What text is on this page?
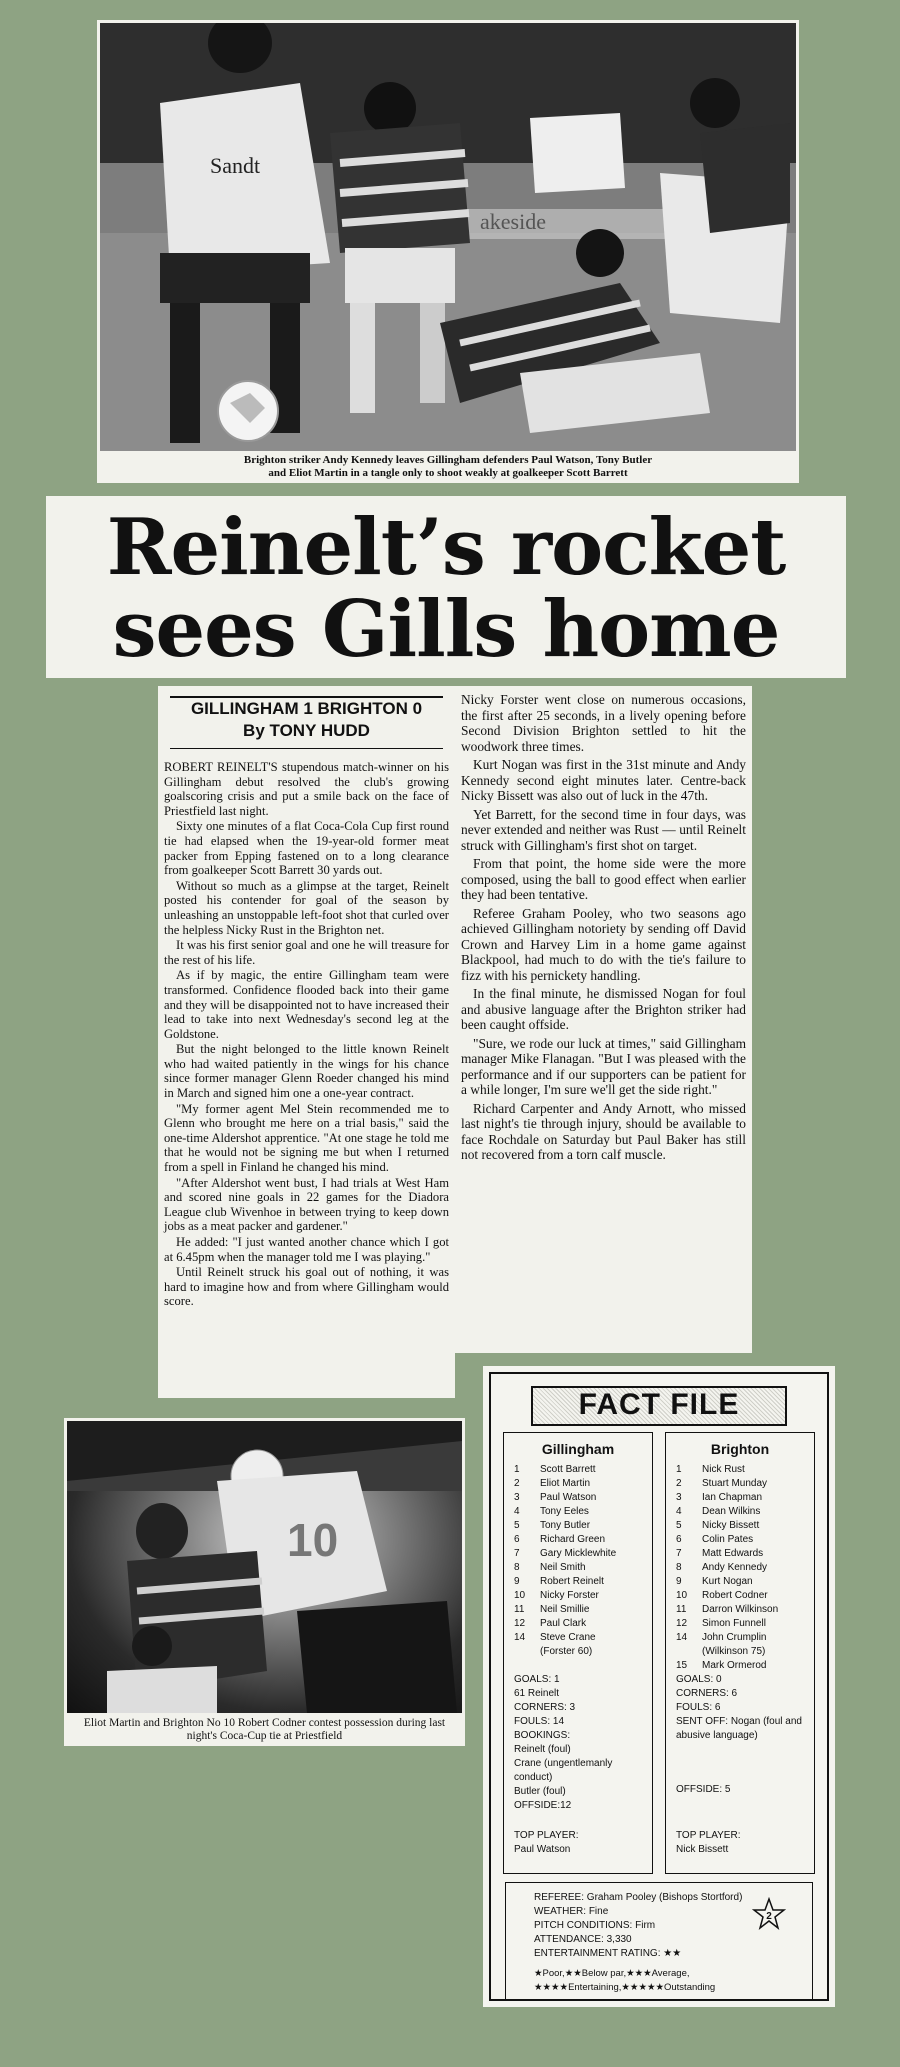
akeside
Sandt
Brighton striker Andy Kennedy leaves Gillingham defenders Paul Watson, Tony Butler
and Eliot Martin in a tangle only to shoot weakly at goalkeeper Scott Barrett
Reinelt’s rocket
sees Gills home
GILLINGHAM 1 BRIGHTON 0
By TONY HUDD

ROBERT REINELT'S stupendous match-winner on his Gillingham debut resolved the club's growing goalscoring crisis and put a smile back on the face of Priestfield last night.

Sixty one minutes of a flat Coca-Cola Cup first round tie had elapsed when the 19-year-old former meat packer from Epping fastened on to a long clearance from goalkeeper Scott Barrett 30 yards out.

Without so much as a glimpse at the target, Reinelt posted his contender for goal of the season by unleashing an unstoppable left-foot shot that curled over the helpless Nicky Rust in the Brighton net.

It was his first senior goal and one he will treasure for the rest of his life.

As if by magic, the entire Gillingham team were transformed. Confidence flooded back into their game and they will be disappointed not to have increased their lead to take into next Wednesday's second leg at the Goldstone.

But the night belonged to the little known Reinelt who had waited patiently in the wings for his chance since former manager Glenn Roeder changed his mind in March and signed him one a one-year contract.

"My former agent Mel Stein recommended me to Glenn who brought me here on a trial basis," said the one-time Aldershot apprentice. "At one stage he told me that he would not be signing me but when I returned from a spell in Finland he changed his mind.

"After Aldershot went bust, I had trials at West Ham and scored nine goals in 22 games for the Diadora League club Wivenhoe in between trying to keep down jobs as a meat packer and gardener."

He added: "I just wanted another chance which I got at 6.45pm when the manager told me I was playing."

Until Reinelt struck his goal out of nothing, it was hard to imagine how and from where Gillingham would score.

Nicky Forster went close on numerous occasions, the first after 25 seconds, in a lively opening before Second Division Brighton settled to hit the woodwork three times.

Kurt Nogan was first in the 31st minute and Andy Kennedy second eight minutes later. Centre-back Nicky Bissett was also out of luck in the 47th.

Yet Barrett, for the second time in four days, was never extended and neither was Rust — until Reinelt struck with Gillingham's first shot on target.

From that point, the home side were the more composed, using the ball to good effect when earlier they had been tentative.

Referee Graham Pooley, who two seasons ago achieved Gillingham notoriety by sending off David Crown and Harvey Lim in a home game against Blackpool, had much to do with the tie's failure to fizz with his pernickety handling.

In the final minute, he dismissed Nogan for foul and abusive language after the Brighton striker had been caught offside.

"Sure, we rode our luck at times," said Gillingham manager Mike Flanagan. "But I was pleased with the performance and if our supporters can be patient for a while longer, I'm sure we'll get the side right."

Richard Carpenter and Andy Arnott, who missed last night's tie through injury, should be available to face Rochdale on Saturday but Paul Baker has still not recovered from a torn calf muscle.

10
Eliot Martin and Brighton No 10 Robert Codner contest possession during last night's Coca-Cup tie at Priestfield
FACT FILE
Gillingham
1	Scott Barrett
2	Eliot Martin
3	Paul Watson
4	Tony Eeles
5	Tony Butler
6	Richard Green
7	Gary Micklewhite
8	Neil Smith
9	Robert Reinelt
10	Nicky Forster
11	Neil Smillie
12	Paul Clark
14	Steve Crane
(Forster 60)
GOALS: 1
61 Reinelt
CORNERS: 3
FOULS: 14
BOOKINGS:
Reinelt (foul)
Crane (ungentlemanly conduct)
Butler (foul)
OFFSIDE:12
TOP PLAYER:
Paul Watson
Brighton
1	Nick Rust
2	Stuart Munday
3	Ian Chapman
4	Dean Wilkins
5	Nicky Bissett
6	Colin Pates
7	Matt Edwards
8	Andy Kennedy
9	Kurt Nogan
10	Robert Codner
11	Darron Wilkinson
12	Simon Funnell
14	John Crumplin
(Wilkinson 75)
15	Mark Ormerod
GOALS: 0
CORNERS: 6
FOULS: 6
SENT OFF: Nogan (foul and abusive language)
OFFSIDE: 5
TOP PLAYER:
Nick Bissett
REFEREE: Graham Pooley (Bishops Stortford)
WEATHER: Fine
PITCH CONDITIONS: Firm
ATTENDANCE: 3,330
ENTERTAINMENT RATING: ★★
★Poor,★★Below par,★★★Average,
★★★★Entertaining,★★★★★Outstanding
2
